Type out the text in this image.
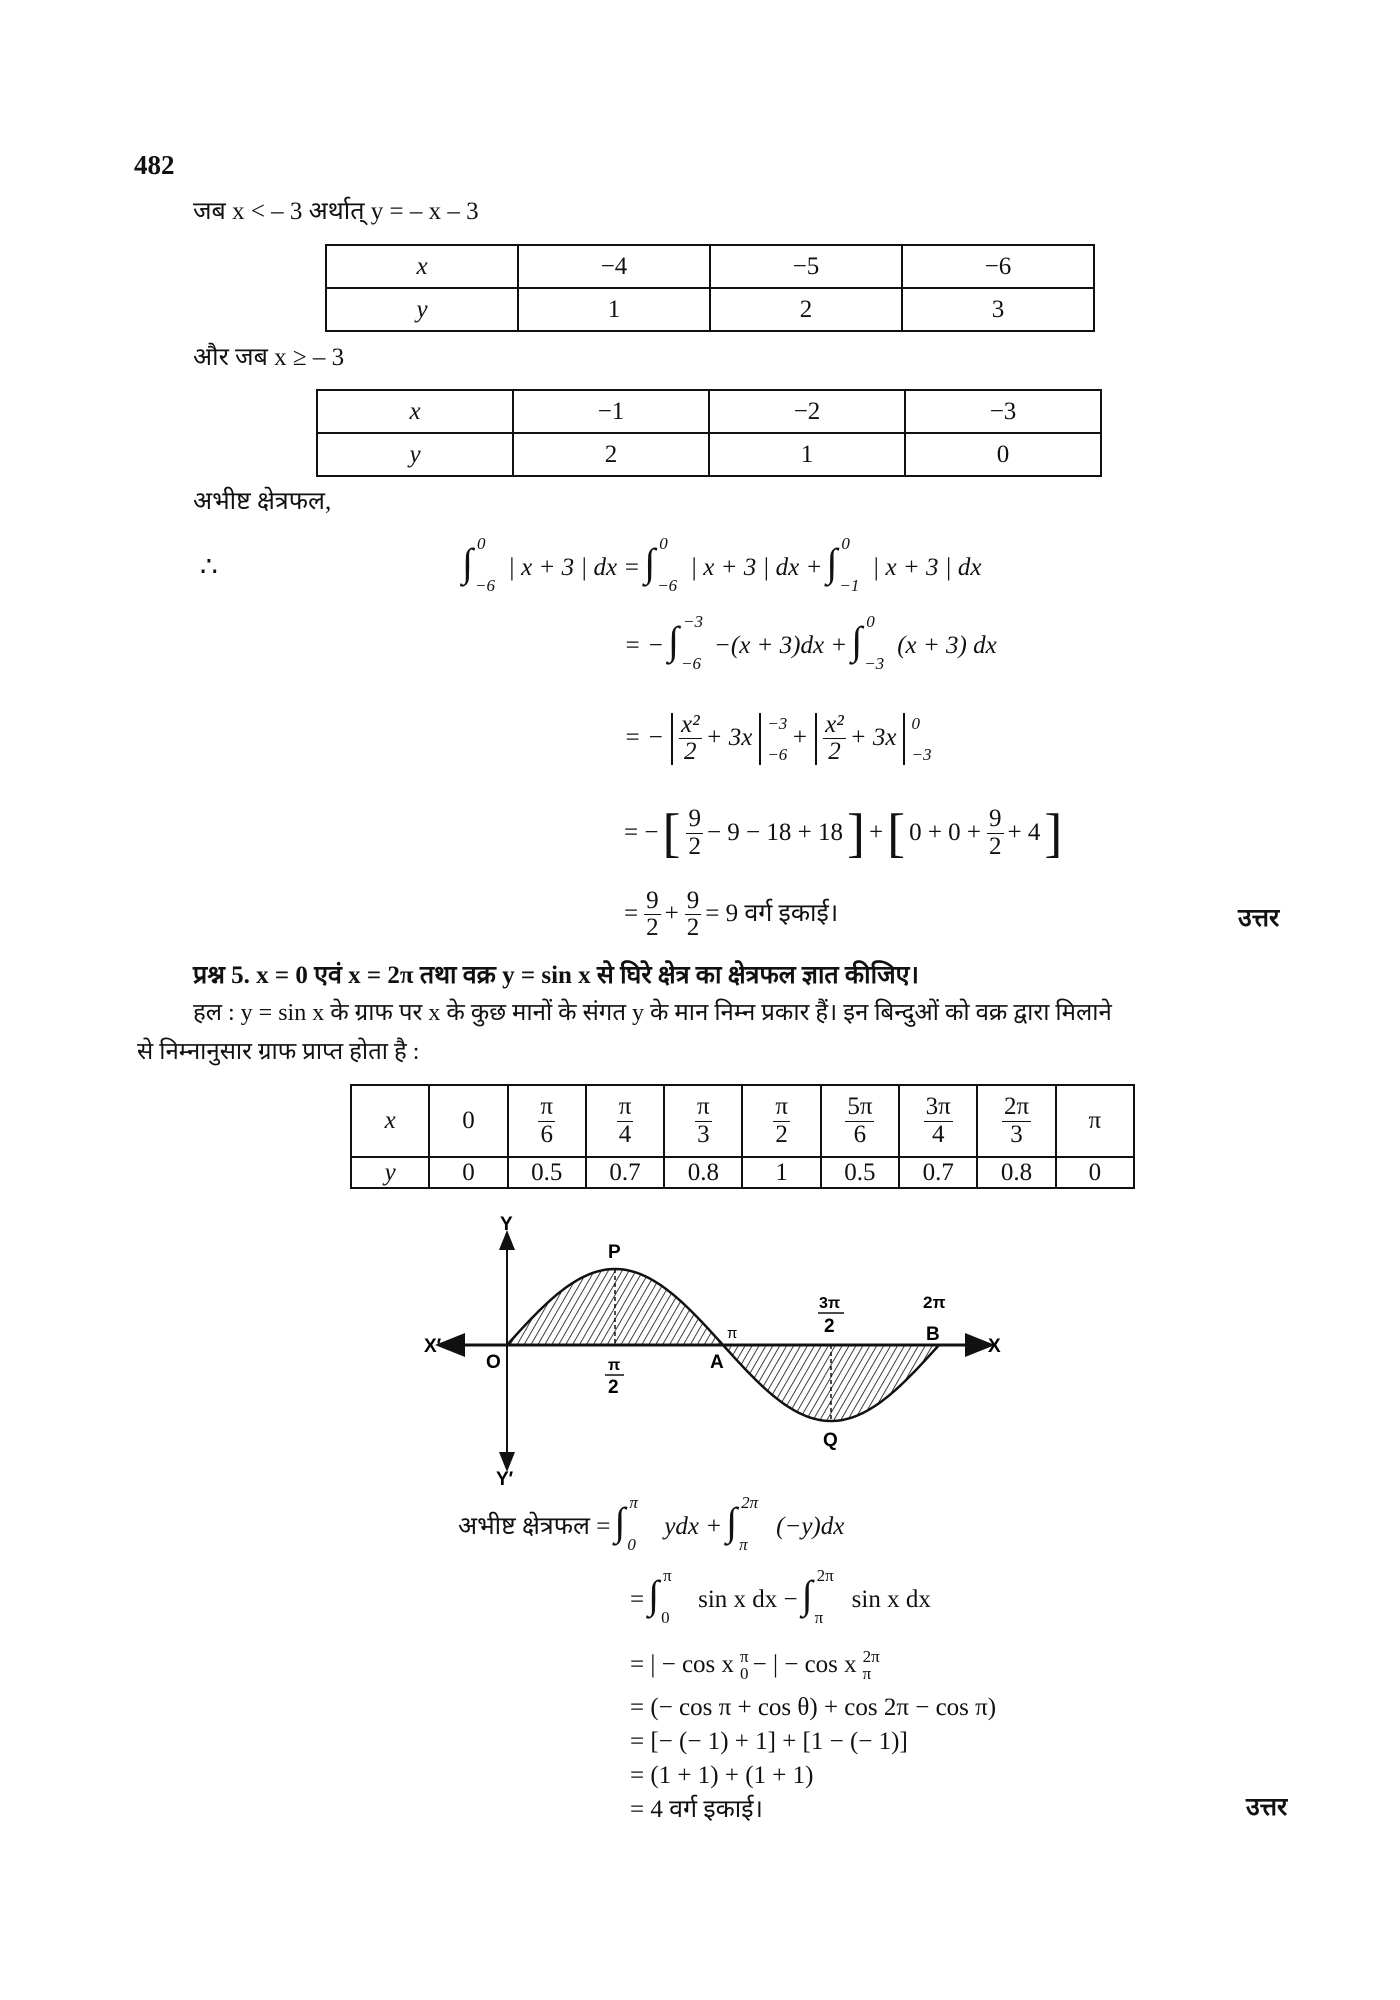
482
जब x < – 3 अर्थात् y = – x – 3
x	−4	−5	−6
y	1	2	3
और जब x ≥ – 3
x	−1	−2	−3
y	2	1	0
अभीष्ट क्षेत्रफल,
∴	∫ 0
−6
| x + 3 | dx = ∫ 0
−6
| x + 3 | dx + ∫ 0
−1
| x + 3 | dx
= − ∫ −3
−6
−(x + 3)dx + ∫ 0
−3
(x + 3) dx
= − $\frac{\text{x²}}{2} + 3x$
−3
−6
+ $\frac{\text{x²}}{2} + 3x$
0
−3
= − [ $\frac{9}{2} - 9 - 18 + 18$ ] + [ $0 + 0 + \frac{9}{2} + 4$ ]
= $\frac{9}{2} + \frac{9}{2} = 9$ वर्ग इकाई।	उत्तर
प्रश्न 5. x = 0 एवं x = 2π तथा वक्र y = sin x से घिरे क्षेत्र का क्षेत्रफल ज्ञात कीजिए।
हल : y = sin x के ग्राफ पर x के कुछ मानों के संगत y के मान निम्न प्रकार हैं। इन बिन्दुओं को वक्र द्वारा मिलाने
से निम्नानुसार ग्राफ प्राप्त होता है :
x	0	$\frac{\pi}{6}$	$\frac{\pi}{4}$	$\frac{\pi}{3}$	$\frac{\pi}{2}$	$\frac{5\pi}{6}$	$\frac{3\pi}{4}$	$\frac{2\pi}{3}$	π
y	0	0.5	0.7	0.8	1	0.5	0.7	0.8	0
Y
Y′
X
X′
O
P
A
π	B
Q
π
2
3π
2
2π
अभीष्ट क्षेत्रफल = ∫ π
0
ydx + ∫ 2π
π
(−y)dx
= ∫ π
0
sin x dx − ∫ 2π
π
sin x dx
= | − cos x π
0 − | − cos x 2π
π
= (− cos π + cos θ) + cos 2π − cos π)
= [− (− 1) + 1] + [1 − (− 1)]
= (1 + 1) + (1 + 1)
= 4 वर्ग इकाई।	उत्तर
